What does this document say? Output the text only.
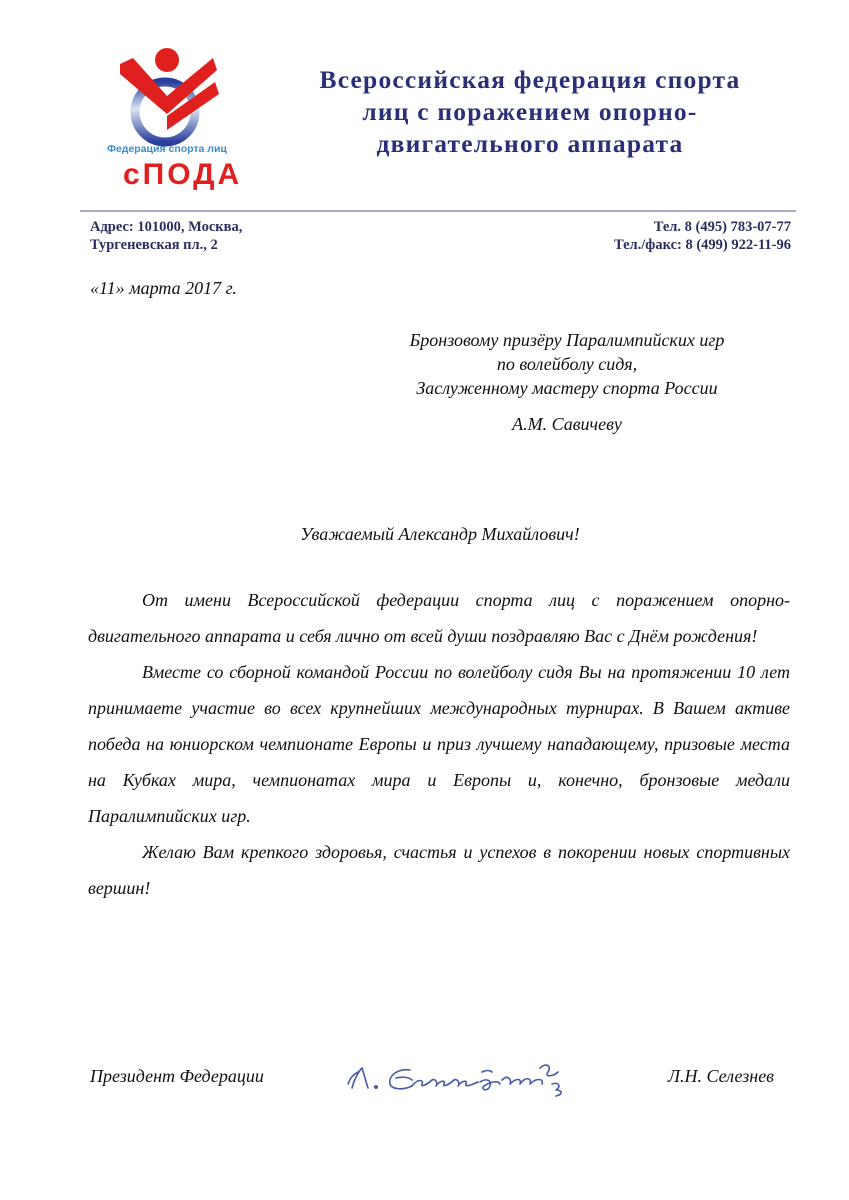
Федерация спорта лиц
сПОДА
Всероссийская федерация спорта
лиц с поражением опорно-
двигательного аппарата
Адрес: 101000, Москва,
Тургеневская пл., 2
Тел. 8 (495) 783-07-77
Тел./факс: 8 (499) 922-11-96
«11» марта 2017 г.
Бронзовому призёру Паралимпийских игр
по волейболу сидя,
Заслуженному мастеру спорта России
А.М. Савичеву
Уважаемый Александр Михайлович!

От имени Всероссийской федерации спорта лиц с поражением опорно-двигательного аппарата и себя лично от всей души поздравляю Вас с Днём рождения!

Вместе со сборной командой России по волейболу сидя Вы на протяжении 10 лет принимаете участие во всех крупнейших международных турнирах. В Вашем активе победа на юниорском чемпионате Европы и приз лучшему нападающему, призовые места на Кубках мира, чемпионатах мира и Европы и, конечно, бронзовые медали Паралимпийских игр.

Желаю Вам крепкого здоровья, счастья и успехов в покорении новых спортивных вершин!

Президент Федерации	Л.Н. Селезнев
